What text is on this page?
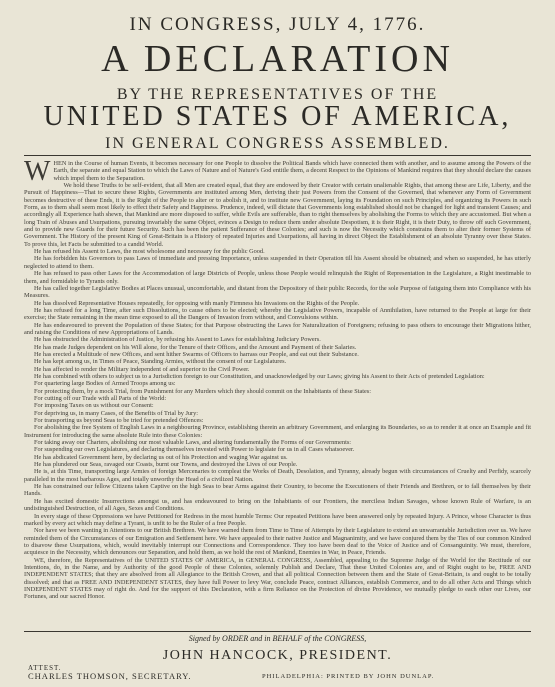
IN CONGRESS, JULY 4, 1776.
A DECLARATION
BY THE REPRESENTATIVES OF THE
UNITED STATES OF AMERICA,
IN GENERAL CONGRESS ASSEMBLED.
W HEN in the Course of human Events, it becomes necessary for one People to dissolve the Political Bands which have connected them with another, and to assume among the Powers of the Earth, the separate and equal Station to which the Laws of Nature and of Nature's God entitle them, a decent Respect to the Opinions of Mankind requires that they should declare the causes which impel them to the Separation.

We hold these Truths to be self-evident, that all Men are created equal, that they are endowed by their Creator with certain unalienable Rights, that among these are Life, Liberty, and the Pursuit of Happiness—That to secure these Rights, Governments are instituted among Men, deriving their just Powers from the Consent of the Governed, that whenever any Form of Government becomes destructive of these Ends, it is the Right of the People to alter or to abolish it, and to institute new Government, laying its Foundation on such Principles, and organizing its Powers in such Form, as to them shall seem most likely to effect their Safety and Happiness. Prudence, indeed, will dictate that Governments long established should not be changed for light and transient Causes; and accordingly all Experience hath shewn, that Mankind are more disposed to suffer, while Evils are sufferable, than to right themselves by abolishing the Forms to which they are accustomed. But when a long Train of Abuses and Usurpations, pursuing invariably the same Object, evinces a Design to reduce them under absolute Despotism, it is their Right, it is their Duty, to throw off such Government, and to provide new Guards for their future Security. Such has been the patient Sufferance of these Colonies; and such is now the Necessity which constrains them to alter their former Systems of Government. The History of the present King of Great-Britain is a History of repeated Injuries and Usurpations, all having in direct Object the Establishment of an absolute Tyranny over these States. To prove this, let Facts be submitted to a candid World.

He has refused his Assent to Laws, the most wholesome and necessary for the public Good.

He has forbidden his Governors to pass Laws of immediate and pressing Importance, unless suspended in their Operation till his Assent should be obtained; and when so suspended, he has utterly neglected to attend to them.

He has refused to pass other Laws for the Accommodation of large Districts of People, unless those People would relinquish the Right of Representation in the Legislature, a Right inestimable to them, and formidable to Tyrants only.

He has called together Legislative Bodies at Places unusual, uncomfortable, and distant from the Depository of their public Records, for the sole Purpose of fatiguing them into Compliance with his Measures.

He has dissolved Representative Houses repeatedly, for opposing with manly Firmness his Invasions on the Rights of the People.

He has refused for a long Time, after such Dissolutions, to cause others to be elected; whereby the Legislative Powers, incapable of Annihilation, have returned to the People at large for their exercise; the State remaining in the mean time exposed to all the Dangers of Invasion from without, and Convulsions within.

He has endeavoured to prevent the Population of these States; for that Purpose obstructing the Laws for Naturalization of Foreigners; refusing to pass others to encourage their Migrations hither, and raising the Conditions of new Appropriations of Lands.

He has obstructed the Administration of Justice, by refusing his Assent to Laws for establishing Judiciary Powers.

He has made Judges dependent on his Will alone, for the Tenure of their Offices, and the Amount and Payment of their Salaries.

He has erected a Multitude of new Offices, and sent hither Swarms of Officers to harrass our People, and eat out their Substance.

He has kept among us, in Times of Peace, Standing Armies, without the consent of our Legislatures.

He has affected to render the Military independent of and superior to the Civil Power.

He has combined with others to subject us to a Jurisdiction foreign to our Constitution, and unacknowledged by our Laws; giving his Assent to their Acts of pretended Legislation:

For quartering large Bodies of Armed Troops among us:

For protecting them, by a mock Trial, from Punishment for any Murders which they should commit on the Inhabitants of these States:

For cutting off our Trade with all Parts of the World:

For imposing Taxes on us without our Consent:

For depriving us, in many Cases, of the Benefits of Trial by Jury:

For transporting us beyond Seas to be tried for pretended Offences:

For abolishing the free System of English Laws in a neighbouring Province, establishing therein an arbitrary Government, and enlarging its Boundaries, so as to render it at once an Example and fit Instrument for introducing the same absolute Rule into these Colonies:

For taking away our Charters, abolishing our most valuable Laws, and altering fundamentally the Forms of our Governments:

For suspending our own Legislatures, and declaring themselves invested with Power to legislate for us in all Cases whatsoever.

He has abdicated Government here, by declaring us out of his Protection and waging War against us.

He has plundered our Seas, ravaged our Coasts, burnt our Towns, and destroyed the Lives of our People.

He is, at this Time, transporting large Armies of foreign Mercenaries to compleat the Works of Death, Desolation, and Tyranny, already begun with circumstances of Cruelty and Perfidy, scarcely paralleled in the most barbarous Ages, and totally unworthy the Head of a civilized Nation.

He has constrained our fellow Citizens taken Captive on the high Seas to bear Arms against their Country, to become the Executioners of their Friends and Brethren, or to fall themselves by their Hands.

He has excited domestic Insurrections amongst us, and has endeavoured to bring on the Inhabitants of our Frontiers, the merciless Indian Savages, whose known Rule of Warfare, is an undistinguished Destruction, of all Ages, Sexes and Conditions.

In every stage of these Oppressions we have Petitioned for Redress in the most humble Terms: Our repeated Petitions have been answered only by repeated Injury. A Prince, whose Character is thus marked by every act which may define a Tyrant, is unfit to be the Ruler of a free People.

Nor have we been wanting in Attentions to our British Brethren. We have warned them from Time to Time of Attempts by their Legislature to extend an unwarrantable Jurisdiction over us. We have reminded them of the Circumstances of our Emigration and Settlement here. We have appealed to their native Justice and Magnanimity, and we have conjured them by the Ties of our common Kindred to disavow these Usurpations, which, would inevitably interrupt our Connections and Correspondence. They too have been deaf to the Voice of Justice and of Consanguinity. We must, therefore, acquiesce in the Necessity, which denounces our Separation, and hold them, as we hold the rest of Mankind, Enemies in War, in Peace, Friends.

WE, therefore, the Representatives of the UNITED STATES OF AMERICA, in GENERAL CONGRESS, Assembled, appealing to the Supreme Judge of the World for the Rectitude of our Intentions, do, in the Name, and by Authority of the good People of these Colonies, solemnly Publish and Declare, That these United Colonies are, and of Right ought to be, FREE AND INDEPENDENT STATES; that they are absolved from all Allegiance to the British Crown, and that all political Connection between them and the State of Great-Britain, is and ought to be totally dissolved; and that as FREE AND INDEPENDENT STATES, they have full Power to levy War, conclude Peace, contract Alliances, establish Commerce, and to do all other Acts and Things which INDEPENDENT STATES may of right do. And for the support of this Declaration, with a firm Reliance on the Protection of divine Providence, we mutually pledge to each other our Lives, our Fortunes, and our sacred Honor.

Signed by ORDER and in BEHALF of the CONGRESS,
JOHN HANCOCK, PRESIDENT.
ATTEST.
CHARLES THOMSON, SECRETARY.	PHILADELPHIA: PRINTED BY JOHN DUNLAP.
